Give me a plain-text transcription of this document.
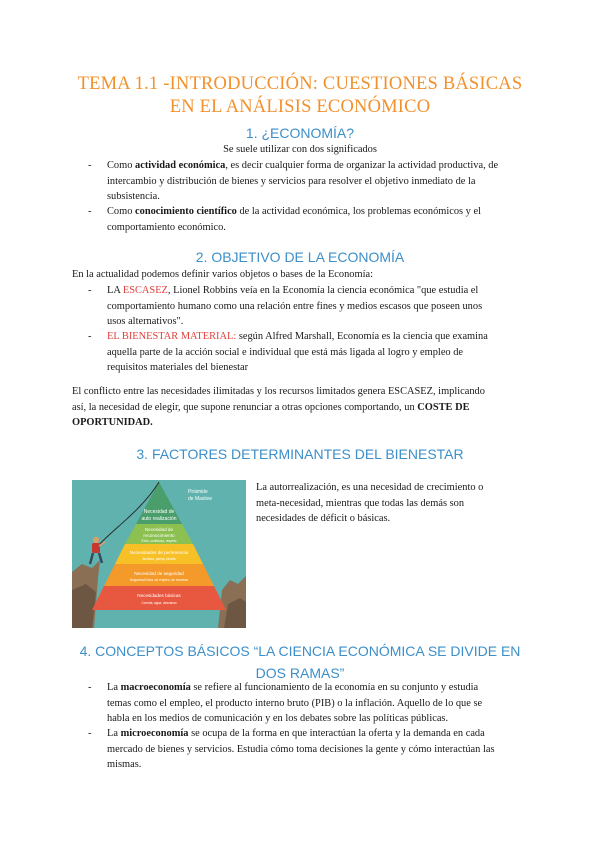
TEMA 1.1 -INTRODUCCIÓN: CUESTIONES BÁSICAS
EN EL ANÁLISIS ECONÓMICO
1. ¿ECONOMÍA?

Se suele utilizar con dos significados

- Como actividad económica, es decir cualquier forma de organizar la actividad productiva, de
intercambio y distribución de bienes y servicios para resolver el objetivo inmediato de la
subsistencia.
- Como conocimiento científico de la actividad económica, los problemas económicos y el
comportamiento económico.
2. OBJETIVO DE LA ECONOMÍA

En la actualidad podemos definir varios objetos o bases de la Economía:

- LA ESCASEZ, Lionel Robbins veía en la Economía la ciencia económica "que estudia el
comportamiento humano como una relación entre fines y medios escasos que poseen unos
usos alternativos".
- EL BIENESTAR MATERIAL: según Alfred Marshall, Economía es la ciencia que examina
aquella parte de la acción social e individual que está más ligada al logro y empleo de
requisitos materiales del bienestar
El conflicto entre las necesidades ilimitadas y los recursos limitados genera ESCASEZ, implicando
así, la necesidad de elegir, que supone renunciar a otras opciones comportando, un COSTE DE
OPORTUNIDAD.
3. FACTORES DETERMINANTES DEL BIENESTAR
Pirámide
de Maslow
Necesidad de
auto realización
Necesidad de
reconocimiento
Éxito, confianza, respeto
Necesidades de pertenencia
Amistad, pareja, familia
Necesidad de seguridad
Seguridad física, de empleo, de recursos
Necesidades básicas
Comida, agua, descanso
La autorrealización, es una necesidad de crecimiento o
meta-necesidad, mientras que todas las demás son
necesidades de déficit o básicas.
4. CONCEPTOS BÁSICOS “LA CIENCIA ECONÓMICA SE DIVIDE EN
DOS RAMAS”
- La macroeconomía se refiere al funcionamiento de la economía en su conjunto y estudia
temas como el empleo, el producto interno bruto (PIB) o la inflación. Aquello de lo que se
habla en los medios de comunicación y en los debates sobre las políticas públicas.
- La microeconomía se ocupa de la forma en que interactúan la oferta y la demanda en cada
mercado de bienes y servicios. Estudia cómo toma decisiones la gente y cómo interactúan las
mismas.
